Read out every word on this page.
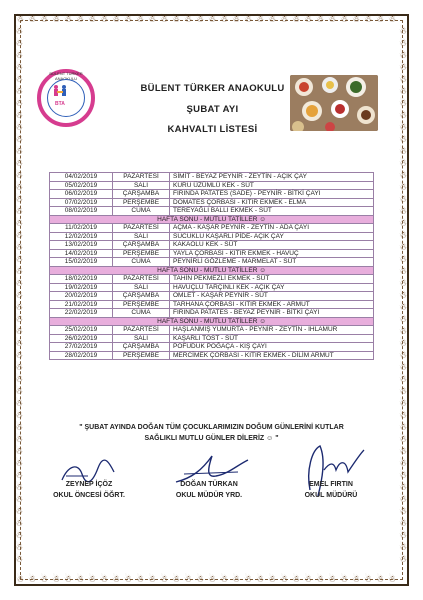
☃
☃
☃
☃
☃
☃
☃
☃
☃
☃
☃
☃
☃
☃
☃
☃
☃
☃
☃
☃
☃
☃
☃
☃
☃
☃
☃
☃
☃
☃
☃
☃
☃
☃
☃
☃
☃
☃
☃
☃
☃
☃
☃
☃
☃
☃
☃
☃
☃
☃
☃
☃
☃
☃
☃
☃
☃
☃
☃
☃
☃
☃
☃
☃
☃	☃
☃	☃
☃	☃
☃	☃
☃	☃
☃	☃
☃	☃
☃	☃
☃	☃
☃	☃
☃	☃
☃	☃
☃	☃
☃	☃
☃	☃
☃	☃
☃	☃
☃	☃
☃	☃
☃	☃
☃	☃
☃	☃
☃	☃
☃	☃
☃	☃
☃	☃
☃	☃
☃	☃
☃	☃
☃	☃
☃	☃
☃	☃
☃	☃
☃	☃
☃	☃
☃	☃
☃	☃
☃	☃
☃	☃
☃	☃
☃	☃
☃	☃
☃	☃
☃	☃
☃	☃
BÜLENT TÜRKER ANAOKULU
BTA
BÜLENT TÜRKER ANAOKULU
ŞUBAT AYI
KAHVALTI LİSTESİ
04/02/2019	PAZARTESİ	SİMİT - BEYAZ PEYNİR - ZEYTİN - AÇIK ÇAY
05/02/2019	SALI	KURU ÜZÜMLÜ KEK - SÜT
06/02/2019	ÇARŞAMBA	FIRINDA PATATES (SADE) - PEYNİR - BİTKİ ÇAYI
07/02/2019	PERŞEMBE	DOMATES ÇORBASI - KITIR EKMEK - ELMA
08/02/2019	CUMA	TEREYAĞLI BALLI EKMEK - SÜT
HAFTA SONU - MUTLU TATİLLER ☺		
11/02/2019	PAZARTESİ	AÇMA - KAŞAR PEYNİR - ZEYTİN - ADA ÇAYI
12/02/2019	SALI	SUCUKLU KAŞARLI PİDE- AÇIK ÇAY
13/02/2019	ÇARŞAMBA	KAKAOLU KEK - SÜT
14/02/2019	PERŞEMBE	YAYLA ÇORBASI - KITIR EKMEK - HAVUÇ
15/02/2019	CUMA	PEYNİRLİ GÖZLEME - MARMELAT - SÜT
HAFTA SONU - MUTLU TATİLLER ☺		
18/02/2019	PAZARTESİ	TAHİN PEKMEZLİ EKMEK - SÜT
19/02/2019	SALI	HAVUÇLU TARÇINLI KEK - AÇIK ÇAY
20/02/2019	ÇARŞAMBA	OMLET - KAŞAR PEYNİR - SÜT
21/02/2019	PERŞEMBE	TARHANA ÇORBASI - KITIR EKMEK - ARMUT
22/02/2019	CUMA	FIRINDA PATATES - BEYAZ PEYNİR - BİTKİ ÇAYI
HAFTA SONU - MUTLU TATİLLER ☺		
25/02/2019	PAZARTESİ	HAŞLANMIŞ YUMURTA - PEYNİR - ZEYTİN - IHLAMUR
26/02/2019	SALI	KAŞARLI TOST - SÜT
27/02/2019	ÇARŞAMBA	POFUDUK POĞAÇA - KIŞ ÇAYI
28/02/2019	PERŞEMBE	MERCİMEK ÇORBASI - KITIR EKMEK - DİLİM ARMUT
" ŞUBAT AYINDA DOĞAN TÜM ÇOCUKLARIMIZIN DOĞUM GÜNLERİNİ KUTLAR
SAĞLIKLI MUTLU GÜNLER DİLERİZ ☺ "
ZEYNEP İÇÖZ
OKUL ÖNCESİ ÖĞRT.
DOĞAN TÜRKAN
OKUL MÜDÜR YRD.
EMEL FIRTIN
OKUL MÜDÜRÜ
